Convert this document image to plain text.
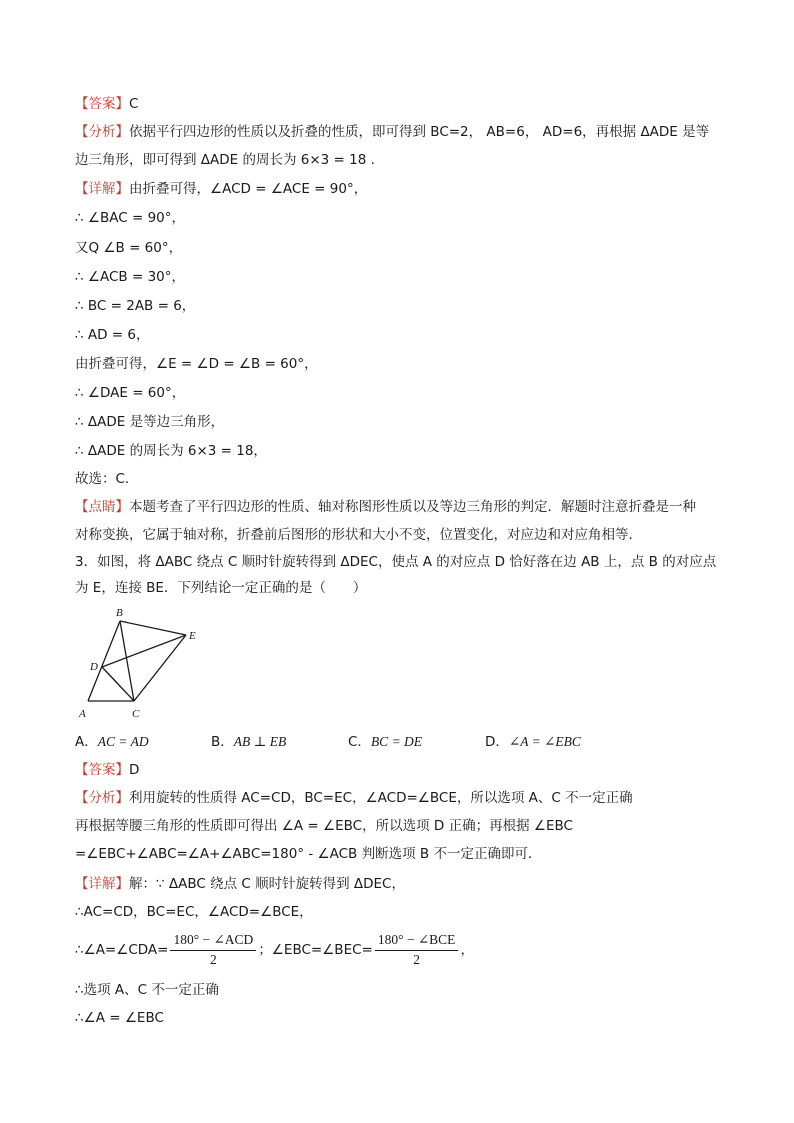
【答案】C
【分析】依据平行四边形的性质以及折叠的性质，即可得到 BC=2， AB=6， AD=6，再根据 ΔADE 是等
边三角形，即可得到 ΔADE 的周长为 6×3 = 18 .
【详解】由折叠可得，∠ACD = ∠ACE = 90°，
∴ ∠BAC = 90°，
又Q ∠B = 60°，
∴ ∠ACB = 30°，
∴ BC = 2AB = 6，
∴ AD = 6，
由折叠可得，∠E = ∠D = ∠B = 60°，
∴ ∠DAE = 60°，
∴ ΔADE 是等边三角形，
∴ ΔADE 的周长为 6×3 = 18，
故选：C.
【点睛】本题考查了平行四边形的性质、轴对称图形性质以及等边三角形的判定．解题时注意折叠是一种
对称变换，它属于轴对称，折叠前后图形的形状和大小不变，位置变化，对应边和对应角相等．
3．如图，将 ΔABC 绕点 C 顺时针旋转得到 ΔDEC，使点 A 的对应点 D 恰好落在边 AB 上，点 B 的对应点
为 E，连接 BE．下列结论一定正确的是（　　）
B
E
D
A	C
A．AC = AD	B．AB ⊥ EB	C．BC = DE	D．∠A = ∠EBC
【答案】D
【分析】利用旋转的性质得 AC=CD，BC=EC，∠ACD=∠BCE，所以选项 A、C 不一定正确
再根据等腰三角形的性质即可得出 ∠A = ∠EBC，所以选项 D 正确；再根据 ∠EBC
=∠EBC+∠ABC=∠A+∠ABC=180° - ∠ACB 判断选项 B 不一定正确即可．
【详解】解：∵ ΔABC 绕点 C 顺时针旋转得到 ΔDEC，
∴AC=CD，BC=EC，∠ACD=∠BCE，
∴∠A=∠CDA= $\frac{\text{180° − ∠ACD}}{2}$ ；∠EBC=∠BEC= $\frac{\text{180° − ∠BCE}}{2}$ ，
∴选项 A、C 不一定正确
∴∠A = ∠EBC
